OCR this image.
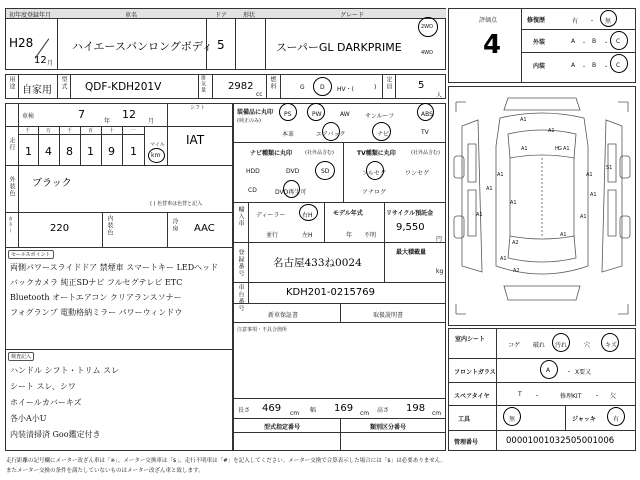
初年度登録年月	車名	ドア	形状	グレード
H28
12 月
ハイエースバンロングボディ 5	スーパーGL DARKPRIME
2WD
4WD
用途
自家用
型式 QDF-KDH201V	排気量 2982
cc
燃料	G	D HV・(	) 定員	5
人
車検	7
年
12
月
シフト
IAT
走行
千	万	千	百	十	一
1 4 8 1 9 1	マイル
km
外装色 ブラック
( ) 色替車は色替と記入
カラー	220	内装色	冷房 AAC
セールスポイント
両側パワースライドドア 禁煙車 スマートキー LEDヘッド
バックカメラ 純正SDナビ フルセグテレビ ETC
Bluetooth オートエアコン クリアランスソナー
フォグランプ 電動格納ミラー パワーウィンドウ
検査記入
ハンドル シフト・トリム スレ
シート スレ、シワ
ホイールカバーキズ
各小A小U
内装清掃済 Goo鑑定付き
装備品に丸印
(純正のみ)
PS	PW	AW	サンルーフ	ABS
本革	エアバック	ナビ	TV
ナビ種類に丸印	(社外品含む)
HDD	DVD	SD
CD	DVD再生可
TV種類に丸印	(社外品含む)
フルセグ	ワンセグ
アナログ
輸入車 ディーラー
並行
右H
左H
モデル年式
年 不明
リサイクル預託金
9,550
円
最大積載量
kg
登録番号	名古屋433ね0024
車台番号	KDH201-0215769
新車保証書	取扱説明書
注意事項・不具合箇所
長さ 469 cm 幅 169 cm 高さ 198 cm
型式指定番号	類別区分番号
評価点
4
修復歴	有 ・ 無
外装	A ・ B ・ C
内装	A ・ B ・ C
A1
A1
A1	A1
A1
A1
A1
A1
A1
A1
A1
A2
A2
A1
S1
A1
H G
室内シート
コゲ 破れ 汚れ	穴 キズ
フロントガラス	A	・ X要又
スペアタイヤ	T ・	修理KIT ・ 欠
工具	無	ジャッキ	有
管理番号	00001001032505001006
走行距離の記号欄にメーター改ざん車は「※」、メーター交換車は「$」、走行不明車は「#」を記入してください。メーター交換で合算表示した場合には「$」は必要ありません。
またメーター交換の条件を満たしていないものはメーター改ざん車と致します。
